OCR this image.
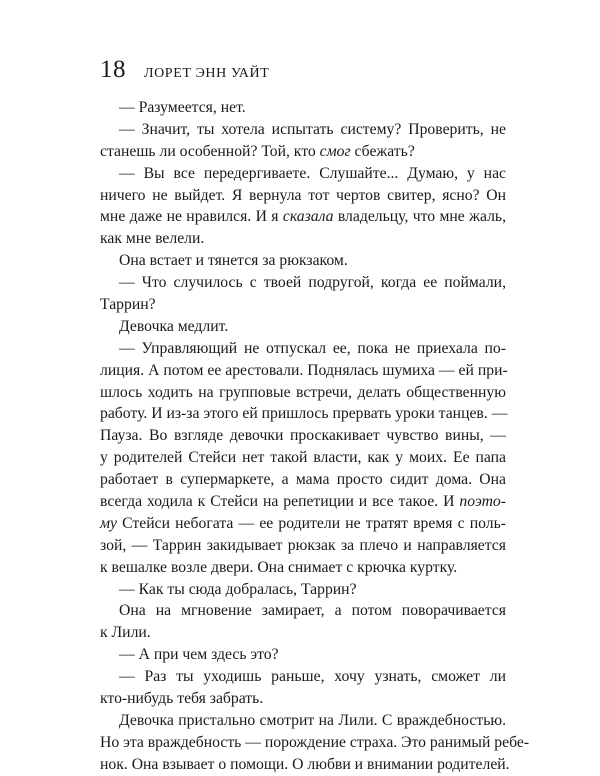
18 ЛОРЕТ ЭНН УАЙТ
— Разумеется, нет.
— Значит, ты хотела испытать систему? Проверить, не
станешь ли особенной? Той, кто смог сбежать?
— Вы все передергиваете. Слушайте... Думаю, у нас
ничего не выйдет. Я вернула тот чертов свитер, ясно? Он
мне даже не нравился. И я сказала владельцу, что мне жаль,
как мне велели.
Она встает и тянется за рюкзаком.
— Что случилось с твоей подругой, когда ее поймали,
Таррин?
Девочка медлит.
— Управляющий не отпускал ее, пока не приехала по-
лиция. А потом ее арестовали. Поднялась шумиха — ей при-
шлось ходить на групповые встречи, делать общественную
работу. И из-за этого ей пришлось прервать уроки танцев. —
Пауза. Во взгляде девочки проскакивает чувство вины, —
у родителей Стейси нет такой власти, как у моих. Ее папа
работает в супермаркете, а мама просто сидит дома. Она
всегда ходила к Стейси на репетиции и все такое. И поэто-
му Стейси небогата — ее родители не тратят время с поль-
зой, — Таррин закидывает рюкзак за плечо и направляется
к вешалке возле двери. Она снимает с крючка куртку.
— Как ты сюда добралась, Таррин?
Она на мгновение замирает, а потом поворачивается
к Лили.
— А при чем здесь это?
— Раз ты уходишь раньше, хочу узнать, сможет ли
кто-нибудь тебя забрать.
Девочка пристально смотрит на Лили. С враждебностью.
Но эта враждебность — порождение страха. Это ранимый ребе-
нок. Она взывает о помощи. О любви и внимании родителей.
